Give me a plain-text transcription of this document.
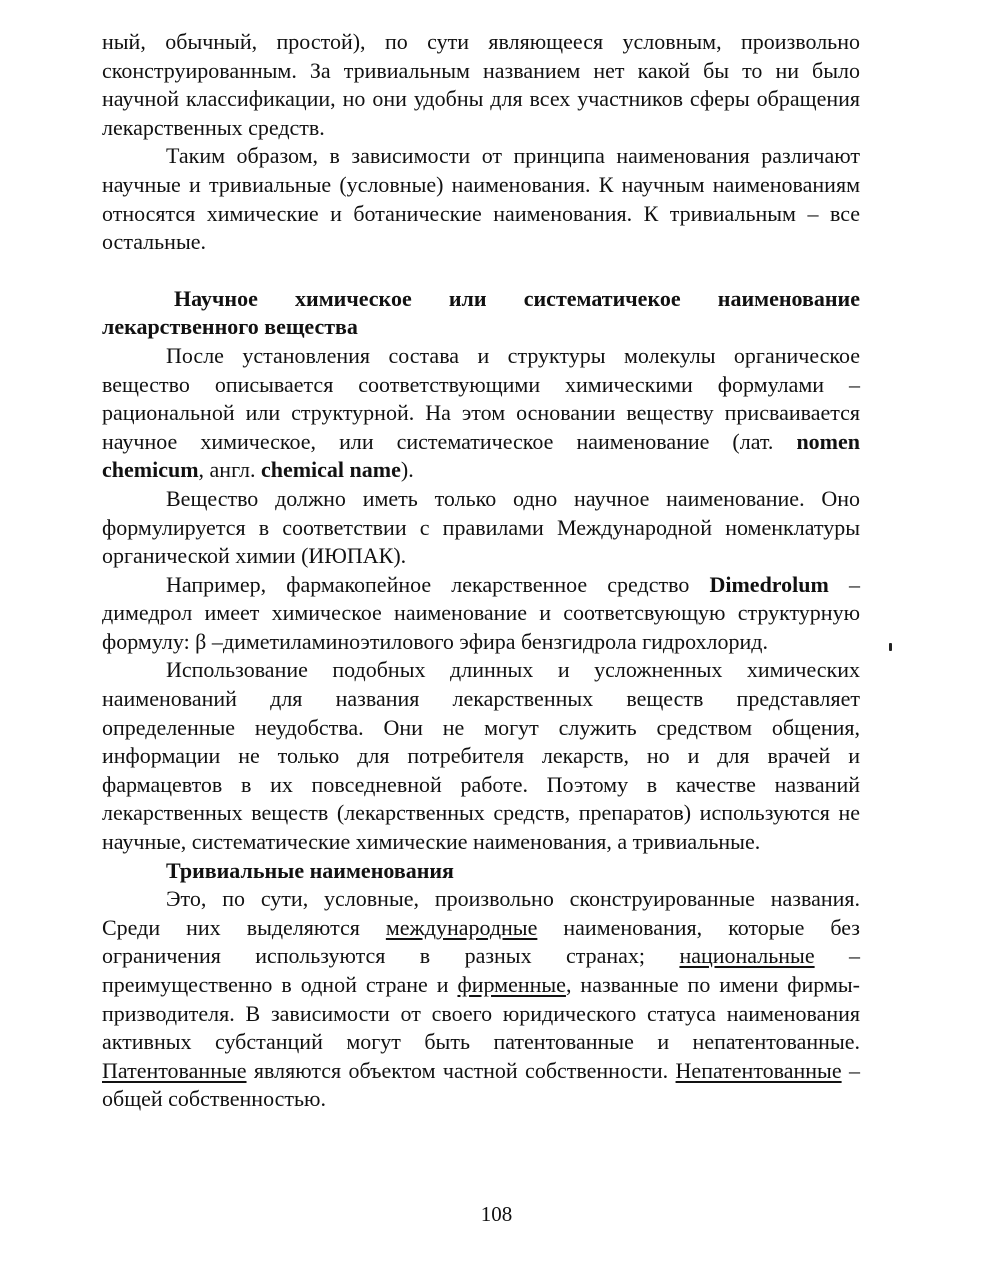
ный, обычный, простой), по сути являющееся условным, произвольно сконструированным. За тривиальным названием нет какой бы то ни было научной классификации, но они удобны для всех участников сферы обращения лекарственных средств.

Таким образом, в зависимости от принципа наименования различают научные и тривиальные (условные) наименования. К научным наименованиям относятся химические и ботанические наименования. К тривиальным – все остальные.

Научное химическое или систематичекое наименование лекарственного вещества

После установления состава и структуры молекулы органическое вещество описывается соответствующими химическими формулами – рациональной или структурной. На этом основании веществу присваивается научное химическое, или систематическое наименование (лат. nomen chemicum, англ. chemical name).

Вещество должно иметь только одно научное наименование. Оно формулируется в соответствии с правилами Международной номенклатуры органической химии (ИЮПАК).

Например, фармакопейное лекарственное средство Dimedrolum – димедрол имеет химическое наименование и соответсвующую структурную формулу: β –диметиламиноэтилового эфира бензгидрола гидрохлорид.

Использование подобных длинных и усложненных химических наименований для названия лекарственных веществ представляет определенные неудобства. Они не могут служить средством общения, информации не только для потребителя лекарств, но и для врачей и фармацевтов в их повседневной работе. Поэтому в качестве названий лекарственных веществ (лекарственных средств, препаратов) используются не научные, систематические химические наименования, а тривиальные.

Тривиальные наименования

Это, по сути, условные, произвольно сконструированные названия. Среди них выделяются международные наименования, которые без ограничения используются в разных странах; национальные – преимущественно в одной стране и фирменные, названные по имени фирмы-призводителя. В зависимости от своего юридического статуса наименования активных субстанций могут быть патентованные и непатентованные. Патентованные являются объектом частной собственности. Непатентованные – общей собственностью.

108
